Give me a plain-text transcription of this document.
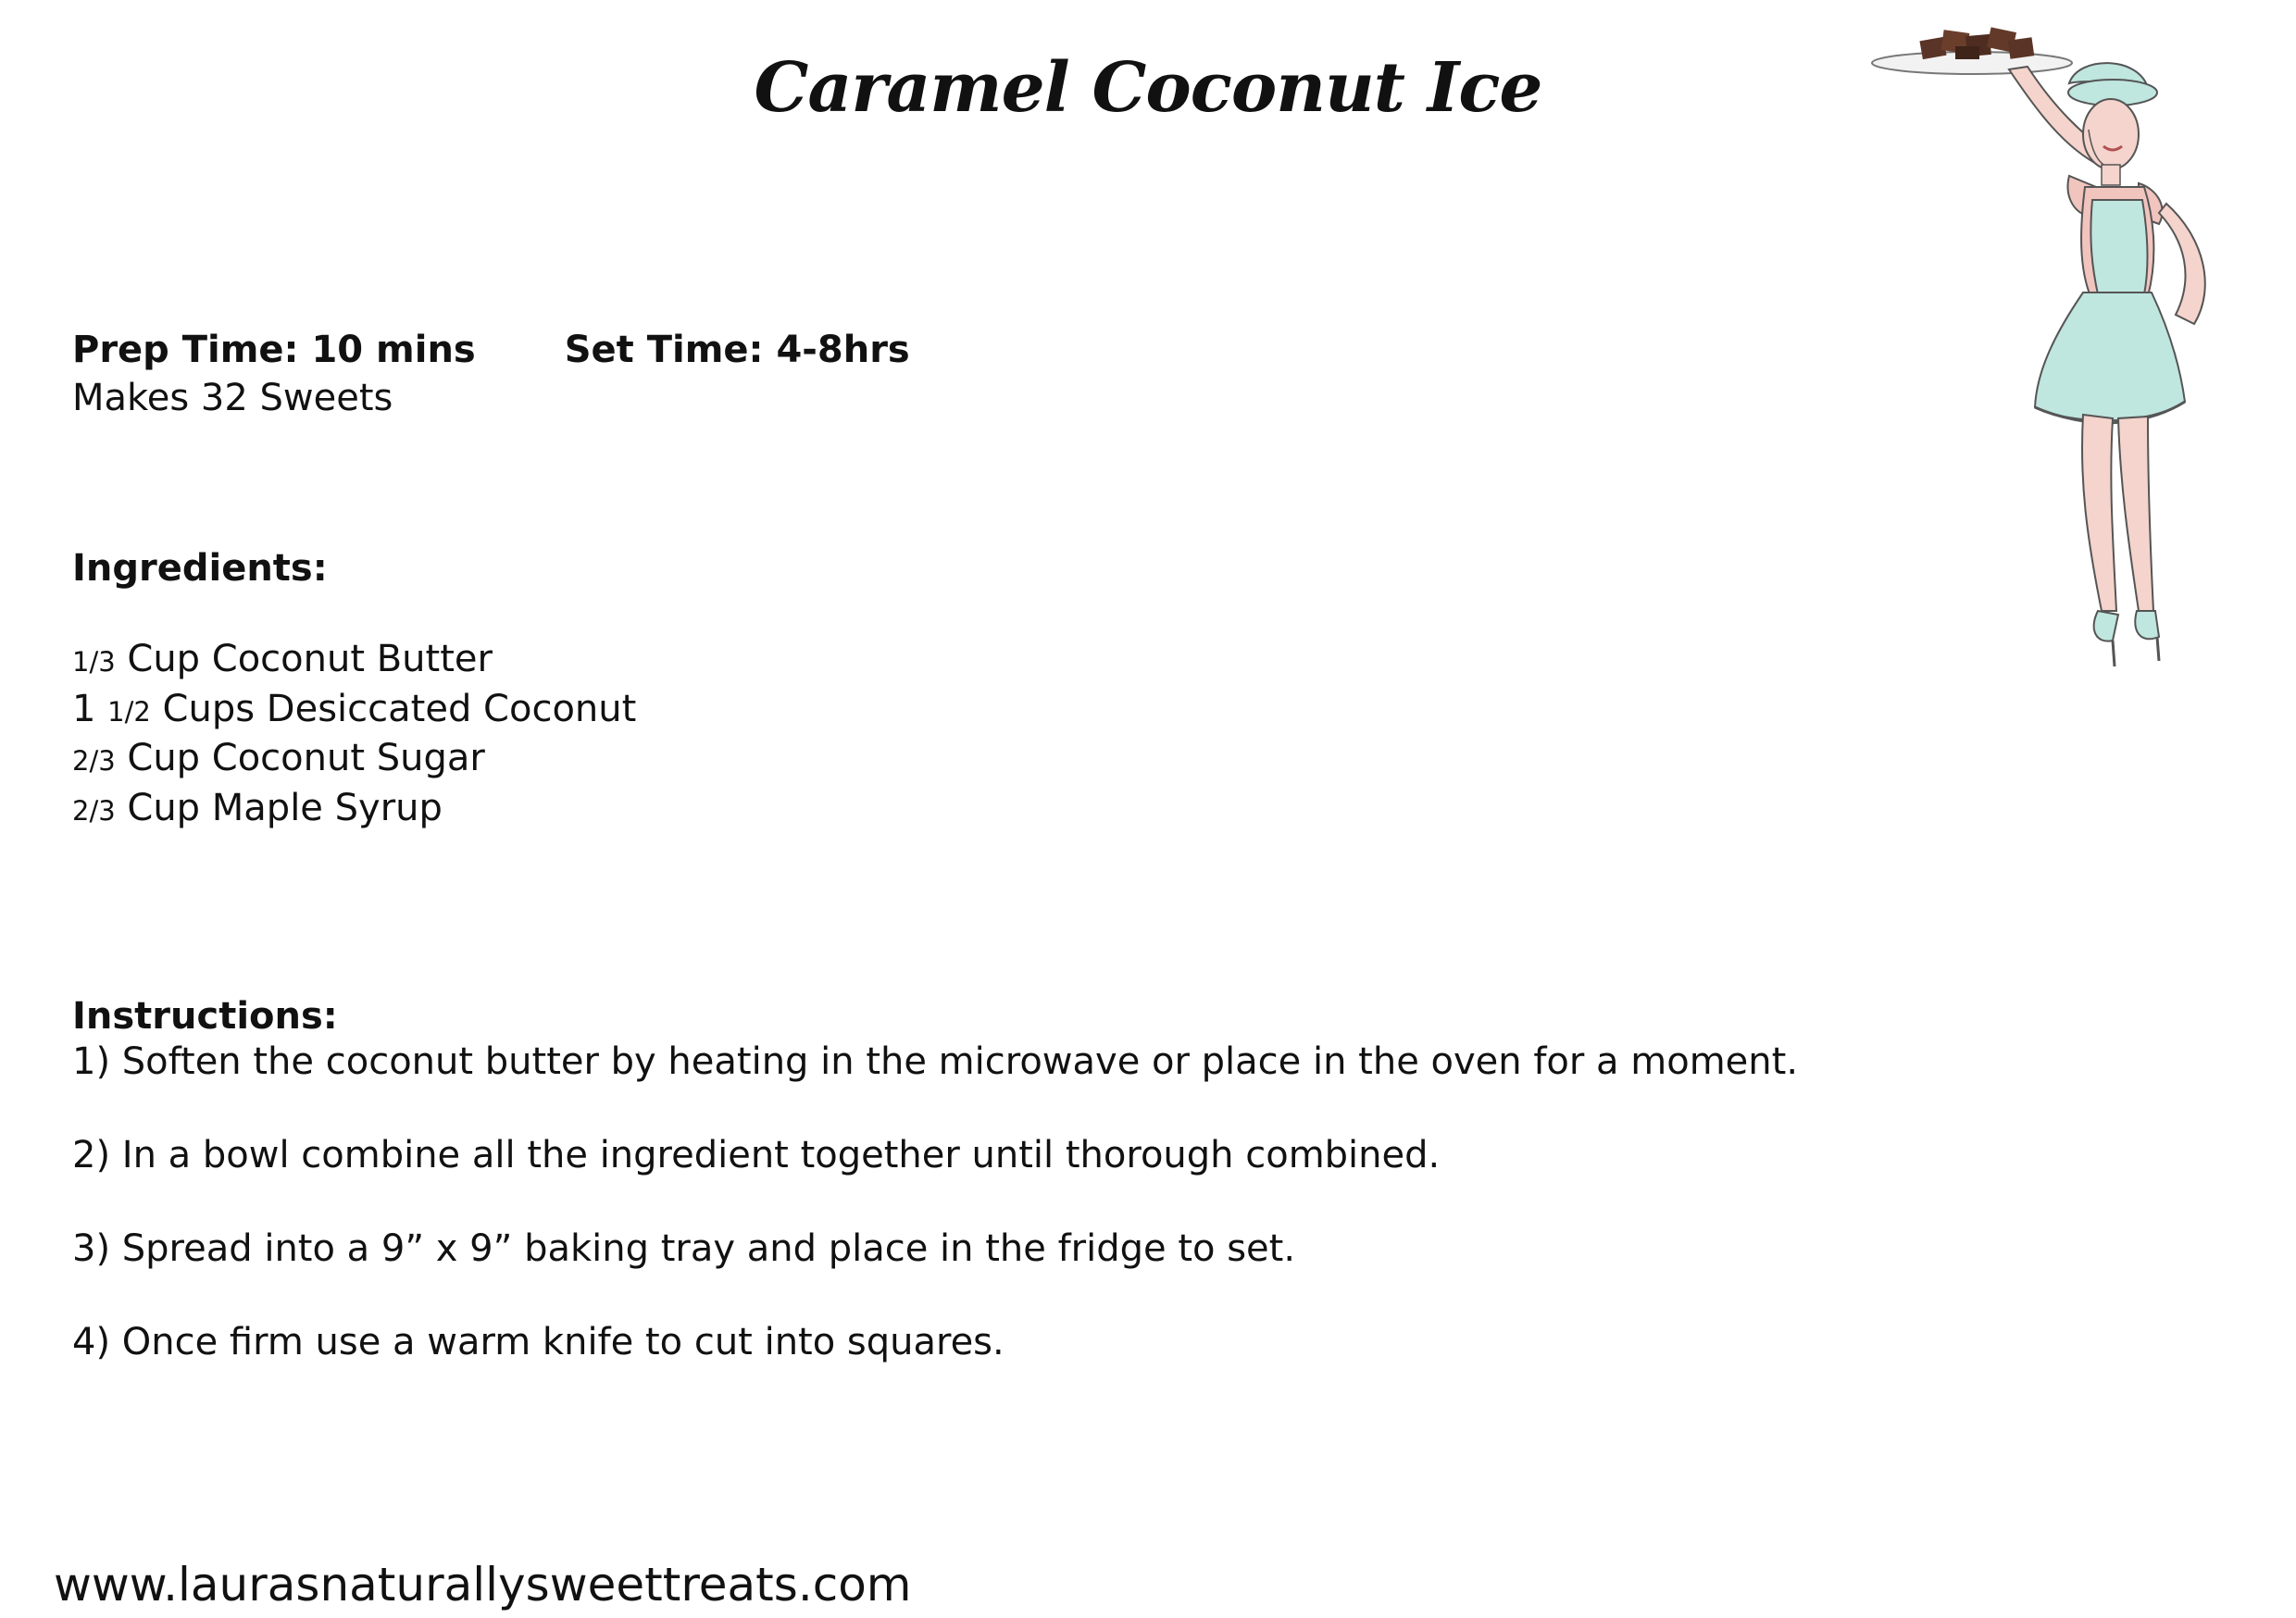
Caramel Coconut Ice
Prep Time: 10 mins Set Time: 4-8hrs
Makes 32 Sweets
Ingredients:
1/3 Cup Coconut Butter
1 1/2 Cups Desiccated Coconut
2/3 Cup Coconut Sugar
2/3 Cup Maple Syrup
Instructions:
1) Soften the coconut butter by heating in the microwave or place in the oven for a moment.
2) In a bowl combine all the ingredient together until thorough combined.
3) Spread into a 9” x 9” baking tray and place in the fridge to set.
4) Once firm use a warm knife to cut into squares.
www.laurasnaturallysweettreats.com
